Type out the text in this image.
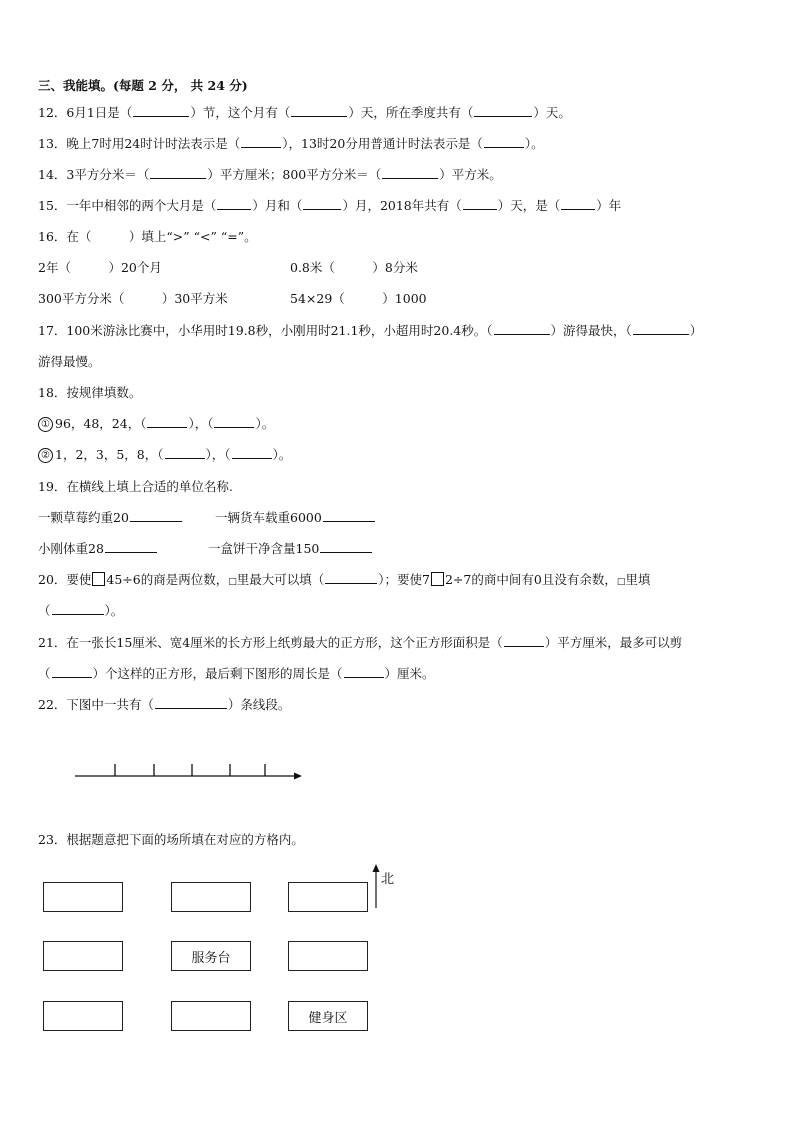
三、我能填。(每题 2 分， 共 24 分)
12．6月1日是（	）节，这个月有（	）天，所在季度共有（	）天。
13．晚上7时用24时计时法表示是（	），13时20分用普通计时法表示是（	）。
14．3平方分米＝（	）平方厘米；800平方分米＝（	）平方米。
15．一年中相邻的两个大月是（	）月和（	）月，2018年共有（	）天，是（	）年
16．在（　　　）填上“>” “<” “=”。
2年（　　　）20个月	0.8米（　　　）8分米
300平方分米（　　　）30平方米	54×29（　　　）1000
17．100米游泳比赛中，小华用时19.8秒，小刚用时21.1秒，小超用时20.4秒。（	）游得最快，（	）
游得最慢。
18．按规律填数。
① 96，48，24，（	），（	）。
② 1，2，3，5，8，（	），（	）。
19．在横线上填上合适的单位名称.
一颗草莓约重20	一辆货车载重6000
小刚体重28	一盒饼干净含量150
20．要使 45÷6的商是两位数，□里最大可以填（	）；要使7 2÷7的商中间有0且没有余数，□里填
（	）。
21．在一张长15厘米、宽4厘米的长方形上纸剪最大的正方形，这个正方形面积是（	）平方厘米，最多可以剪
（	）个这样的正方形，最后剩下图形的周长是（	）厘米。
22．下图中一共有（	）条线段。
23．根据题意把下面的场所填在对应的方格内。
服务台
健身区
北
